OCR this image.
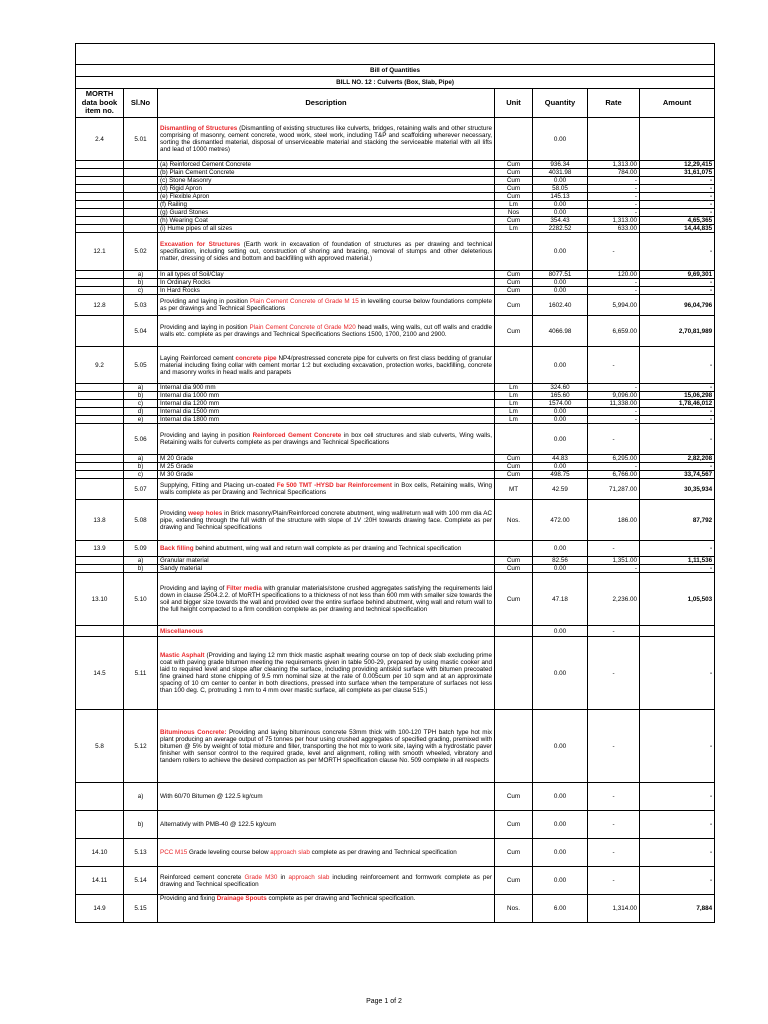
Bill of Quantities						
BILL NO. 12 : Culverts (Box, Slab, Pipe)						
MORTH data book item no.	Sl.No	Description	Unit	Quantity	Rate	Amount
2.4	5.01	Dismantling of Structures (Dismantling of existing structures like culverts, bridges, retaining walls and other structure comprising of masonry, cement concrete, wood work, steel work, including T&P and scaffolding wherever necessary, sorting the dismantled material, disposal of unserviceable material and stacking the serviceable material with all lifts and lead of 1000 metres)		0.00		
		(a) Reinforced Cement Concrete	Cum	936.34	1,313.00	12,29,415
		(b) Plain Cement Concrete	Cum	4031.98	784.00	31,61,075
		(c) Stone Masonry	Cum	0.00	-	-
		(d) Rigid Apron	Cum	58.05	-	-
		(e) Flexible Apron	Cum	145.13	-	-
		(f) Railing	Lm	0.00	-	-
		(g) Guard Stones	Nos	0.00	-	-
		(h) Wearing Coat	Cum	354.43	1,313.00	4,65,365
		(i) Hume pipes of all sizes	Lm	2282.52	633.00	14,44,835
12.1	5.02	Excavation for Structures (Earth work in excavation of foundation of structures as per drawing and technical specification, including setting out, construction of shoring and bracing, removal of stumps and other deleterious matter, dressing of sides and bottom and backfilling with approved material.)		0.00	-	-
	a)	In all types of Soil/Clay	Cum	8077.51	120.00	9,69,301
	b)	In Ordinary Rocks	Cum	0.00	-	-
	c)	In Hard Rocks	Cum	0.00	-	-
12.8	5.03	Providing and laying in position Plain Cement Concrete of Grade M 15 in levelling course below foundations complete as per drawings and Technical Specifications	Cum	1602.40	5,994.00	96,04,796
	5.04	Providing and laying in position Plain Cement Concrete of Grade M20 head walls, wing walls, cut off walls and craddle walls etc. complete as per drawings and Technical Specifications Sections 1500, 1700, 2100 and 2900.	Cum	4066.98	6,659.00	2,70,81,989
9.2	5.05	Laying Reinforced cement concrete pipe NP4/prestressed concrete pipe for culverts on first class bedding of granular material including fixing collar with cement mortar 1:2 but excluding excavation, protection works, backfilling, concrete and masonry works in head walls and parapets		0.00	-	-
	a)	Internal dia 900 mm	Lm	324.60	-	-
	b)	Internal dia 1000 mm	Lm	165.60	9,096.00	15,06,298
	c)	Internal dia 1200 mm	Lm	1574.00	11,338.00	1,78,46,012
	d)	Internal dia 1500 mm	Lm	0.00	-	-
	e)	Internal dia 1800 mm	Lm	0.00	-	-
	5.06	Providing and laying in position Reinforced Gement Concrete in box cell structures and slab culverts, Wing walls, Retaining walls for culverts complete as per drawings and Technical Specifications		0.00	-	-
	a)	M 20 Grade	Cum	44.83	6,295.00	2,82,208
	b)	M 25 Grade	Cum	0.00	-	-
	c)	M 30 Grade	Cum	498.75	6,766.00	33,74,567
	5.07	Supplying, Fitting and Placing un-coated Fe 500 TMT -HYSD bar Reinforcement in Box cells, Retaining walls, Wing walls complete as per Drawing and Technical Specifications	MT	42.59	71,287.00	30,35,934
13.8	5.08	Providing weep holes in Brick masonry/Plain/Reinforced concrete abutment, wing wall/return wall with 100 mm dia AC pipe, extending through the full width of the structure with slope of 1V :20H towards drawing face. Complete as per drawing and Technical specifications	Nos.	472.00	186.00	87,792
13.9	5.09	Back filling behind abutment, wing wall and return wall complete as per drawing and Technical specification		0.00	-	-
	a)	Granular material	Cum	82.56	1,351.00	1,11,536
	b)	Sandy material	Cum	0.00	-	-
13.10	5.10	Providing and laying of Filter media with granular materials/stone crushed aggregates satisfying the requirements laid down in clause 2504.2.2. of MoRTH specifications to a thickness of not less than 600 mm with smaller size towards the soil and bigger size towards the wall and provided over the entire surface behind abutment, wing wall and return wall to the full height compacted to a firm condition complete as per drawing and technical specification	Cum	47.18	2,236.00	1,05,503
		Miscellaneous		0.00	-	
14.5	5.11	Mastic Asphalt (Providing and laying 12 mm thick mastic asphalt wearing course on top of deck slab excluding prime coat with paving grade bitumen meeting the requirements given in table 500-29, prepared by using mastic cooker and laid to required level and slope after cleaning the surface, including providing antiskid surface with bitumen precoated fine grained hard stone chipping of 9.5 mm nominal size at the rate of 0.005cum per 10 sqm and at an approximate spacing of 10 cm center to center in both directions, pressed into surface when the temperature of surfaces not less than 100 deg. C, protruding 1 mm to 4 mm over mastic surface, all complete as per clause 515.)		0.00	-	-
5.8	5.12	Bituminous Concrete: Providing and laying bituminous concrete 53mm thick with 100-120 TPH batch type hot mix plant producing an average output of 75 tonnes per hour using crushed aggregates of specified grading, premixed with bitumen @ 5% by weight of total mixture and filler, transporting the hot mix to work site, laying with a hydrostatic paver finisher with sensor control to the required grade, level and alignment, rolling with smooth wheeled, vibratory and tandem rollers to achieve the desired compaction as per MORTH specification clause No. 509 complete in all respects		0.00	-	-
	a)	With 60/70 Bitumen @ 122.5 kg/cum	Cum	0.00	-	-
	b)	Alternativly with PMB-40 @ 122.5 kg/cum	Cum	0.00	-	-
14.10	5.13	PCC M15 Grade leveling course below approach slab complete as per drawing and Technical specification	Cum	0.00	-	-
14.11	5.14	Reinforced cement concrete Grade M30 in approach slab including reinforcement and formwork complete as per drawing and Technical specification	Cum	0.00	-	-
14.9	5.15	Providing and fixing Drainage Spouts complete as per drawing and Technical specification.	Nos.	6.00	1,314.00	7,884
Page 1 of 2
